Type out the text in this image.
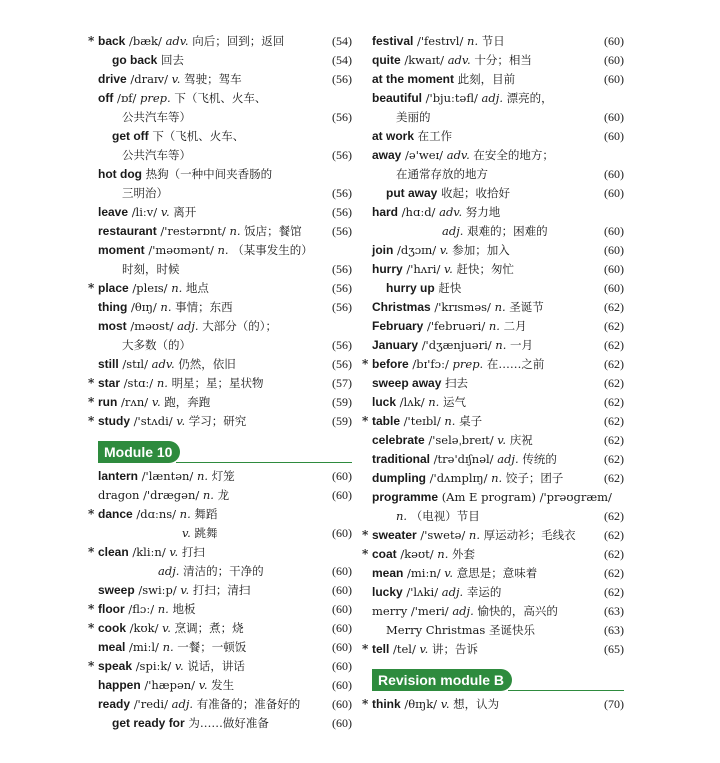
* back /bæk/ adv. 向后；回到；返回	(54)
go back 回去	(54)
drive /draɪv/ v. 驾驶；驾车	(56)
off /ɒf/ prep. 下（飞机、火车、
公共汽车等）	(56)
get off 下（飞机、火车、
公共汽车等）	(56)
hot dog 热狗（一种中间夹香肠的
三明治）	(56)
leave /liːv/ v. 离开	(56)
restaurant /'restərɒnt/ n. 饭店；餐馆	(56)
moment /'məʊmənt/ n. （某事发生的）
时刻，时候	(56)
* place /pleɪs/ n. 地点	(56)
thing /θɪŋ/ n. 事情；东西	(56)
most /məʊst/ adj. 大部分（的）；
大多数（的）	(56)
still /stɪl/ adv. 仍然，依旧	(56)
* star /stɑː/ n. 明星；星；星状物	(57)
* run /rʌn/ v. 跑，奔跑	(59)
* study /'stʌdi/ v. 学习；研究	(59)
Module 10
lantern /'læntən/ n. 灯笼	(60)
dragon /'drægən/ n. 龙	(60)
* dance /dɑːns/ n. 舞蹈
v. 跳舞	(60)
* clean /kliːn/ v. 打扫
adj. 清洁的；干净的	(60)
sweep /swiːp/ v. 打扫；清扫	(60)
* floor /flɔː/ n. 地板	(60)
* cook /kʊk/ v. 烹调；煮；烧	(60)
meal /miːl/ n. 一餐；一顿饭	(60)
* speak /spiːk/ v. 说话，讲话	(60)
happen /'hæpən/ v. 发生	(60)
ready /'redi/ adj. 有准备的；准备好的	(60)
get ready for 为……做好准备	(60)
festival /'festɪvl/ n. 节日	(60)
quite /kwaɪt/ adv. 十分；相当	(60)
at the moment 此刻，目前	(60)
beautiful /'bjuːtəfl/ adj. 漂亮的，
美丽的	(60)
at work 在工作	(60)
away /ə'weɪ/ adv. 在安全的地方；
在通常存放的地方	(60)
put away 收起；收拾好	(60)
hard /hɑːd/ adv. 努力地
adj. 艰难的；困难的	(60)
join /dʒɔɪn/ v. 参加；加入	(60)
hurry /'hʌri/ v. 赶快；匆忙	(60)
hurry up 赶快	(60)
Christmas /'krɪsməs/ n. 圣诞节	(62)
February /'februəri/ n. 二月	(62)
January /'dʒænjuəri/ n. 一月	(62)
* before /bɪ'fɔː/ prep. 在……之前	(62)
sweep away 扫去	(62)
luck /lʌk/ n. 运气	(62)
* table /'teɪbl/ n. 桌子	(62)
celebrate /'seləˌbreɪt/ v. 庆祝	(62)
traditional /trə'dɪʃnəl/ adj. 传统的	(62)
dumpling /'dʌmplɪŋ/ n. 饺子；团子	(62)
programme (Am E program) /'prəʊɡræm/
n. （电视）节目	(62)
* sweater /'swetə/ n. 厚运动衫；毛线衣 (62)
* coat /kəʊt/ n. 外套	(62)
mean /miːn/ v. 意思是；意味着	(62)
lucky /'lʌki/ adj. 幸运的	(62)
merry /'meri/ adj. 愉快的，高兴的	(63)
Merry Christmas 圣诞快乐	(63)
* tell /tel/ v. 讲；告诉	(65)
Revision module B
* think /θɪŋk/ v. 想，认为	(70)
